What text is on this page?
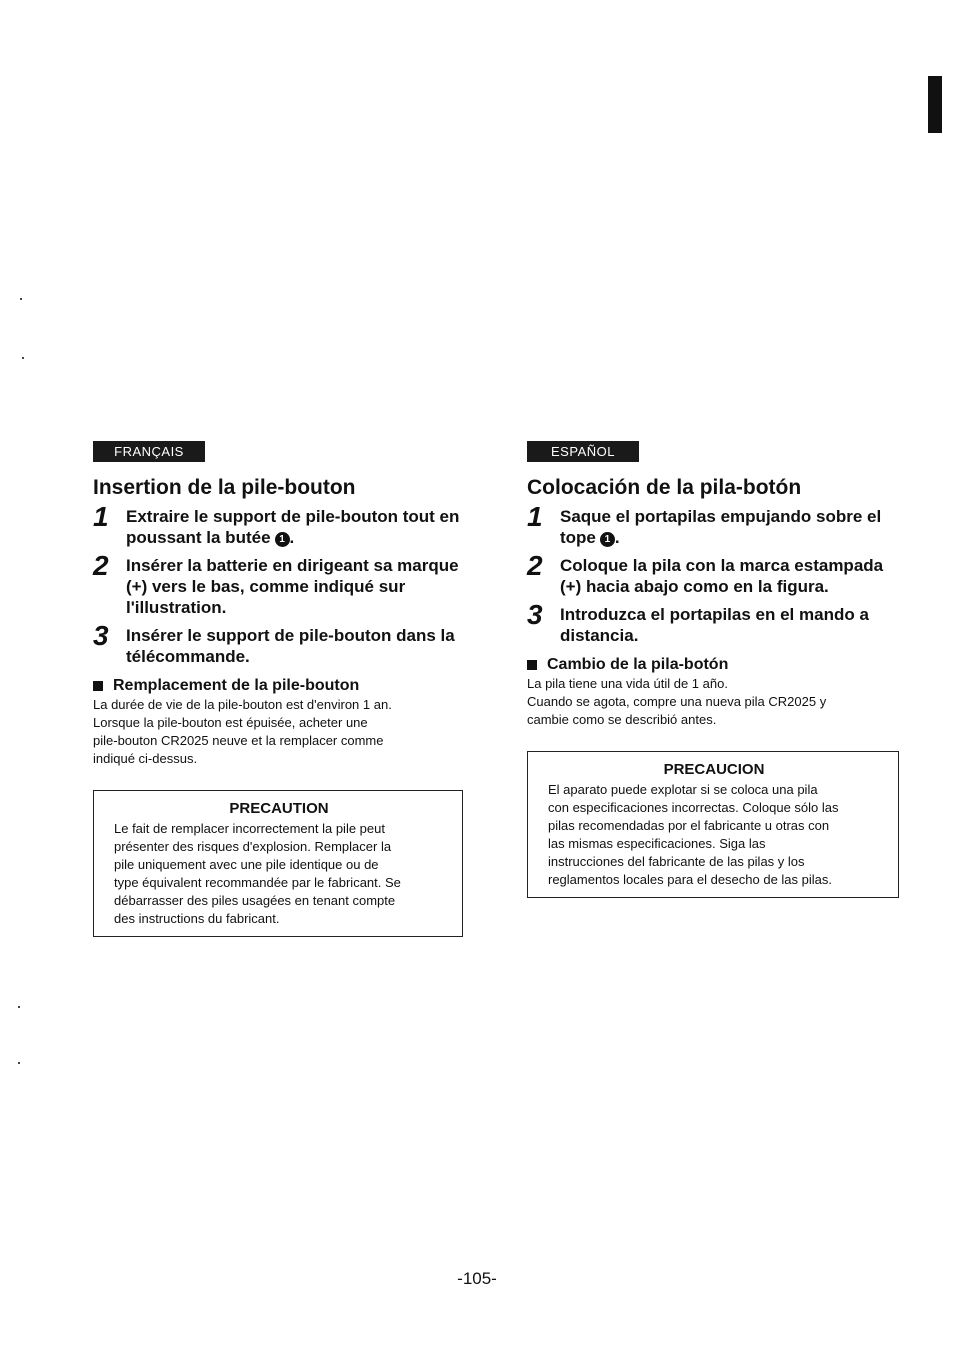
FRANÇAIS
Insertion de la pile-bouton
1 Extraire le support de pile-bouton tout en poussant la butée 1 .
2 Insérer la batterie en dirigeant sa marque (+) vers le bas, comme indiqué sur l'illustration.
3 Insérer le support de pile-bouton dans la télécommande.
Remplacement de la pile-bouton

La durée de vie de la pile-bouton est d'environ 1 an.

Lorsque la pile-bouton est épuisée, acheter une

pile-bouton CR2025 neuve et la remplacer comme

indiqué ci-dessus.

PRECAUTION

Le fait de remplacer incorrectement la pile peut

présenter des risques d'explosion. Remplacer la

pile uniquement avec une pile identique ou de

type équivalent recommandée par le fabricant. Se

débarrasser des piles usagées en tenant compte

des instructions du fabricant.

ESPAÑOL
Colocación de la pila-botón
1 Saque el portapilas empujando sobre el tope 1 .
2 Coloque la pila con la marca estampada (+) hacia abajo como en la figura.
3 Introduzca el portapilas en el mando a distancia.
Cambio de la pila-botón

La pila tiene una vida útil de 1 año.

Cuando se agota, compre una nueva pila CR2025 y

cambie como se describió antes.

PRECAUCION

El aparato puede explotar si se coloca una pila

con especificaciones incorrectas. Coloque sólo las

pilas recomendadas por el fabricante u otras con

las mismas especificaciones. Siga las

instrucciones del fabricante de las pilas y los

reglamentos locales para el desecho de las pilas.

-105-
